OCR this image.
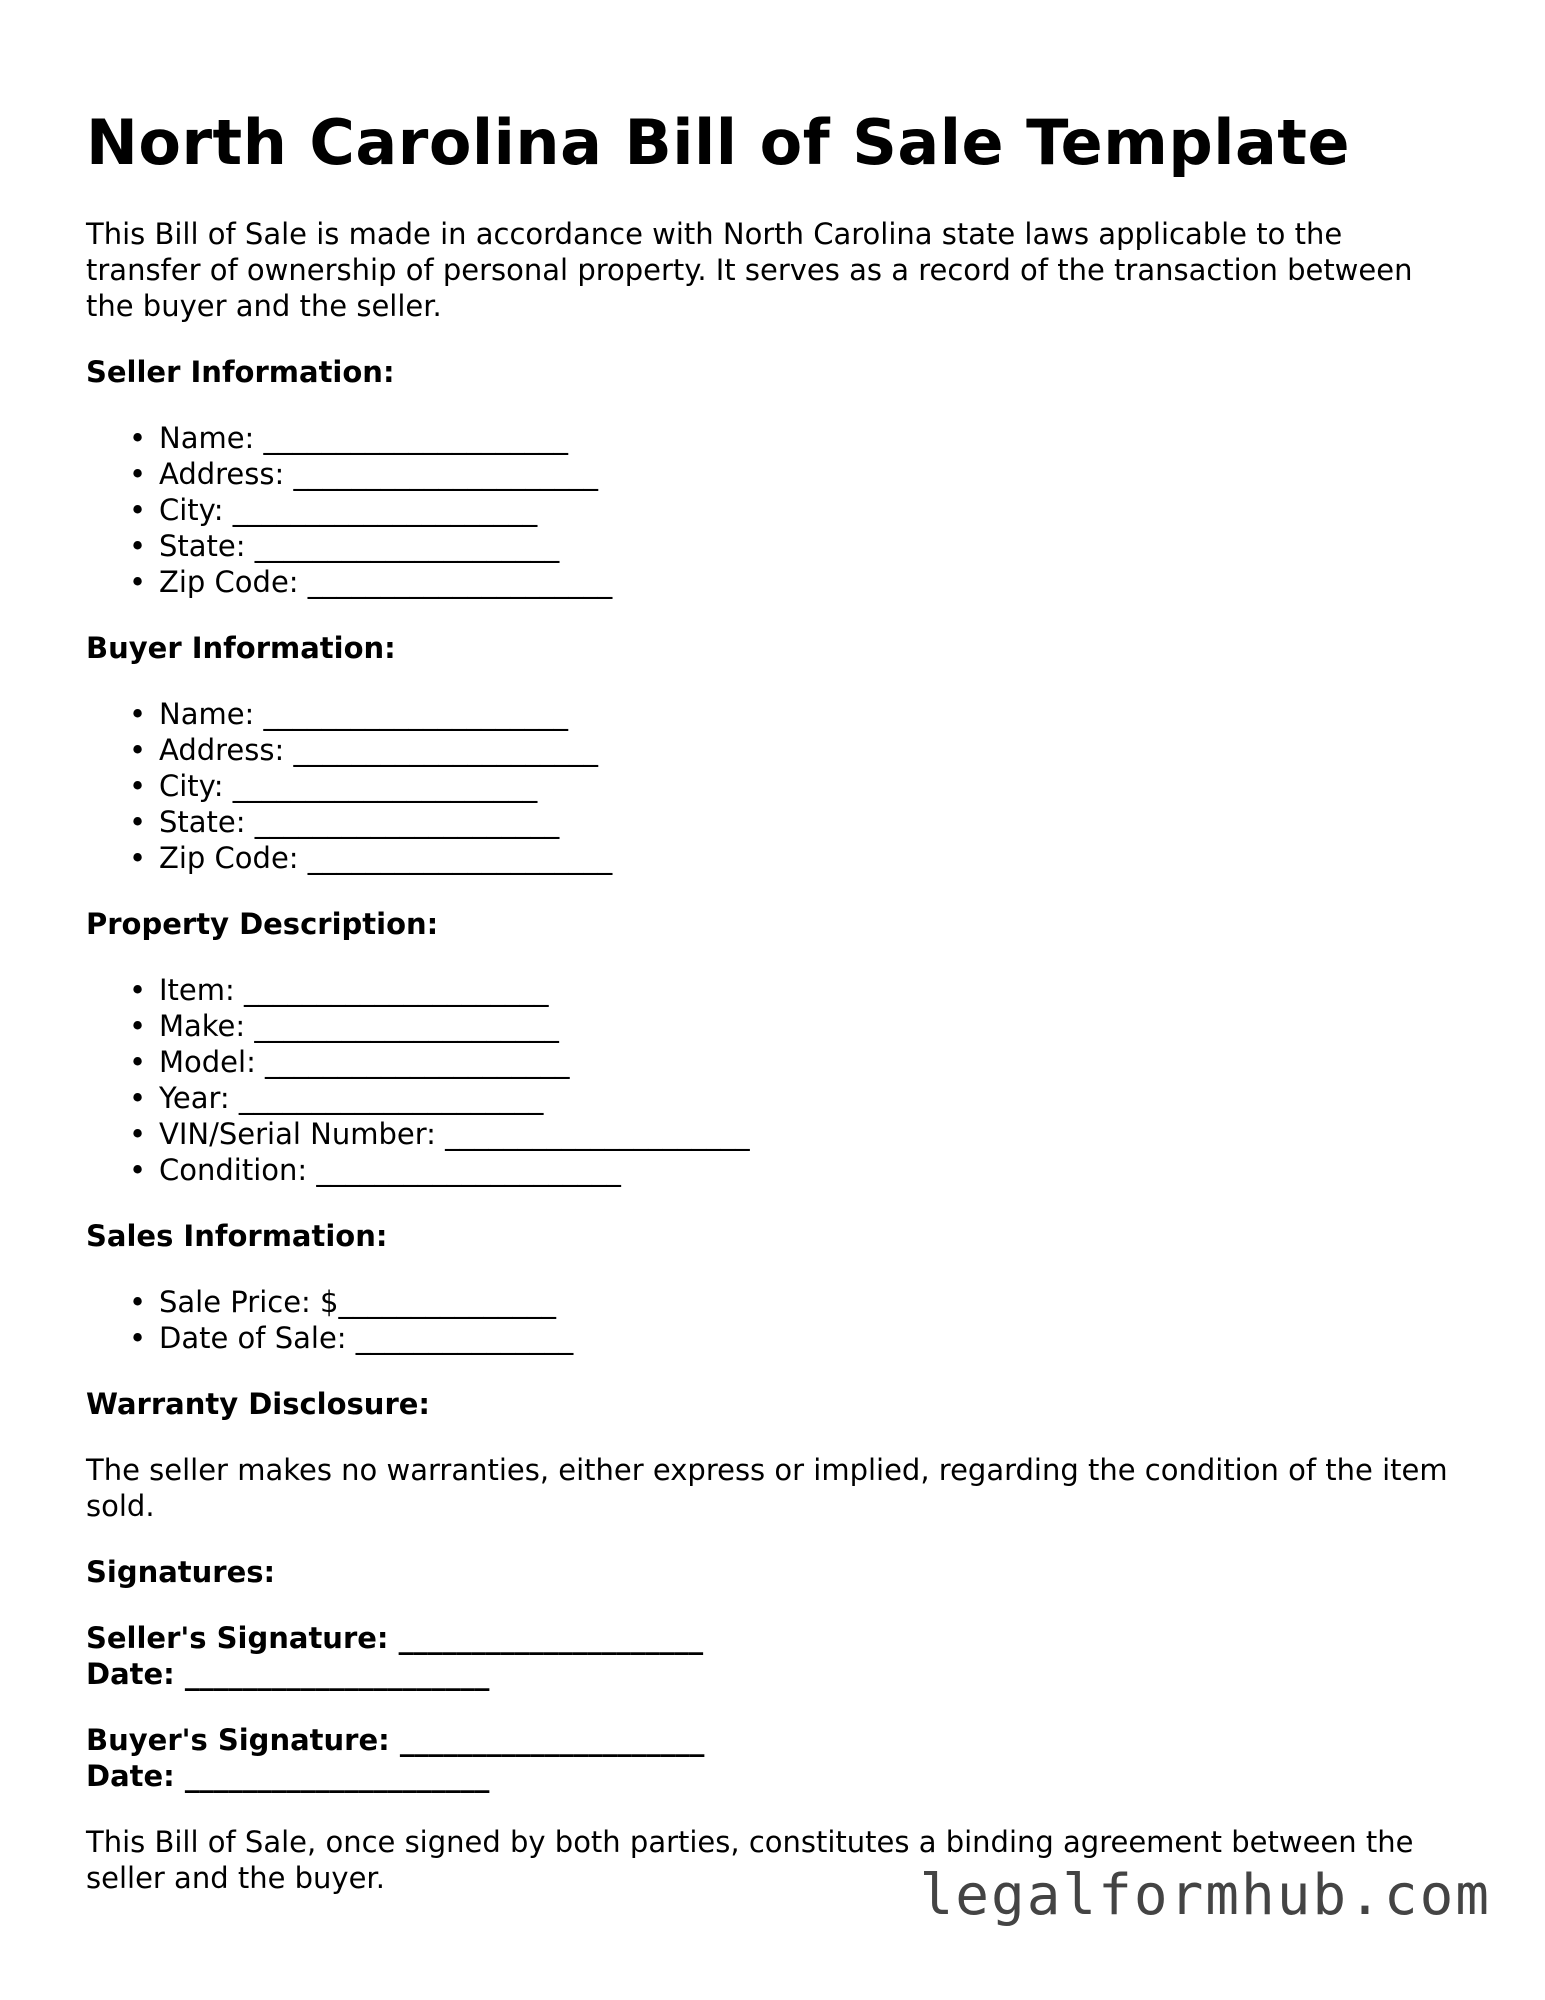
North Carolina Bill of Sale Template

This Bill of Sale is made in accordance with North Carolina state laws applicable to the transfer of ownership of personal property. It serves as a record of the transaction between the buyer and the seller.

Seller Information:
• Name: _____________________
• Address: _____________________
• City: _____________________
• State: _____________________
• Zip Code: _____________________
Buyer Information:
• Name: _____________________
• Address: _____________________
• City: _____________________
• State: _____________________
• Zip Code: _____________________
Property Description:
• Item: _____________________
• Make: _____________________
• Model: _____________________
• Year: _____________________
• VIN/Serial Number: _____________________
• Condition: _____________________
Sales Information:
• Sale Price: $_______________
• Date of Sale: _______________
Warranty Disclosure:

The seller makes no warranties, either express or implied, regarding the condition of the item sold.

Signatures:
Seller's Signature: _____________________
Date: _____________________
Buyer's Signature: _____________________
Date: _____________________

This Bill of Sale, once signed by both parties, constitutes a binding agreement between the seller and the buyer.	legalformhub.com
